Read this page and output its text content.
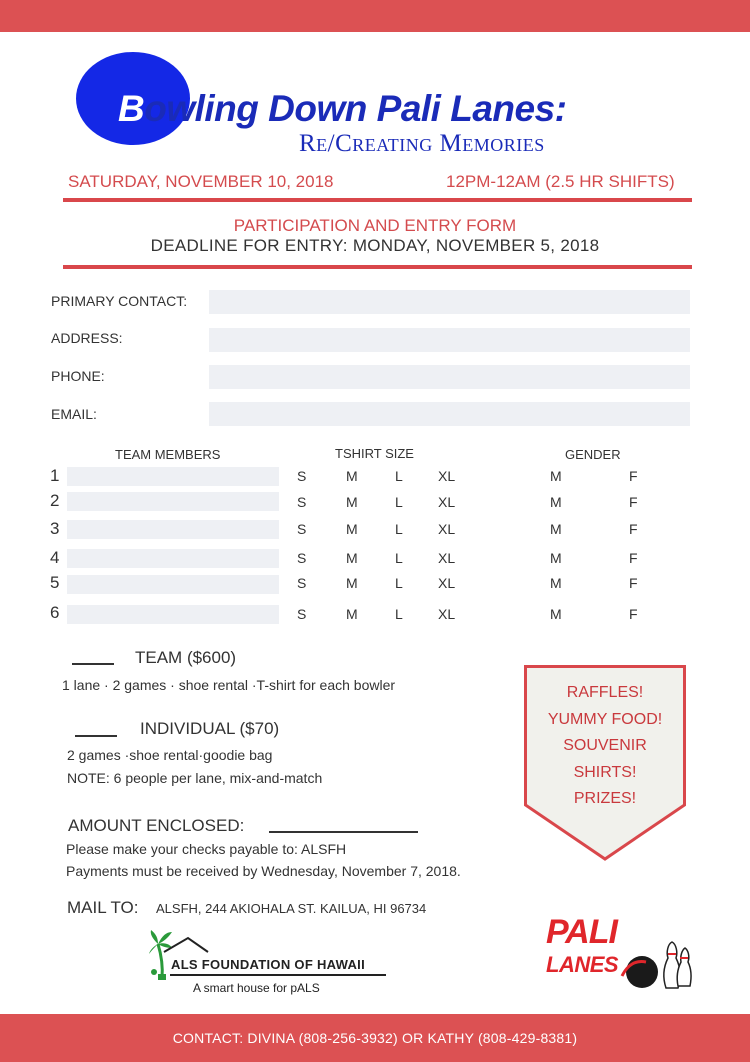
Bowling Down Pali Lanes:
Re/Creating Memories
SATURDAY, NOVEMBER 10, 2018	12PM-12AM (2.5 HR SHIFTS)
PARTICIPATION AND ENTRY FORM
DEADLINE FOR ENTRY: MONDAY, NOVEMBER 5, 2018
PRIMARY CONTACT:
ADDRESS:
PHONE:
EMAIL:
TEAM MEMBERS	TSHIRT SIZE	GENDER
1	S	M	L	XL	M	F
2	S	M	L	XL	M	F
3	S	M	L	XL	M	F
4	S	M	L	XL	M	F
5	S	M	L	XL	M	F
6	S	M	L	XL	M	F
TEAM ($600)
1 lane · 2 games · shoe rental ·T-shirt for each bowler
INDIVIDUAL ($70)
2 games ·shoe rental·goodie bag
NOTE: 6 people per lane, mix-and-match
AMOUNT ENCLOSED:
Please make your checks payable to: ALSFH
Payments must be received by Wednesday, November 7, 2018.
MAIL TO: ALSFH, 244 AKIOHALA ST. KAILUA, HI 96734
RAFFLES!
YUMMY FOOD!
SOUVENIR
SHIRTS!
PRIZES!
ALS FOUNDATION OF HAWAII
A smart house for pALS
PALI
LANES
CONTACT: DIVINA (808-256-3932) OR KATHY (808-429-8381)
